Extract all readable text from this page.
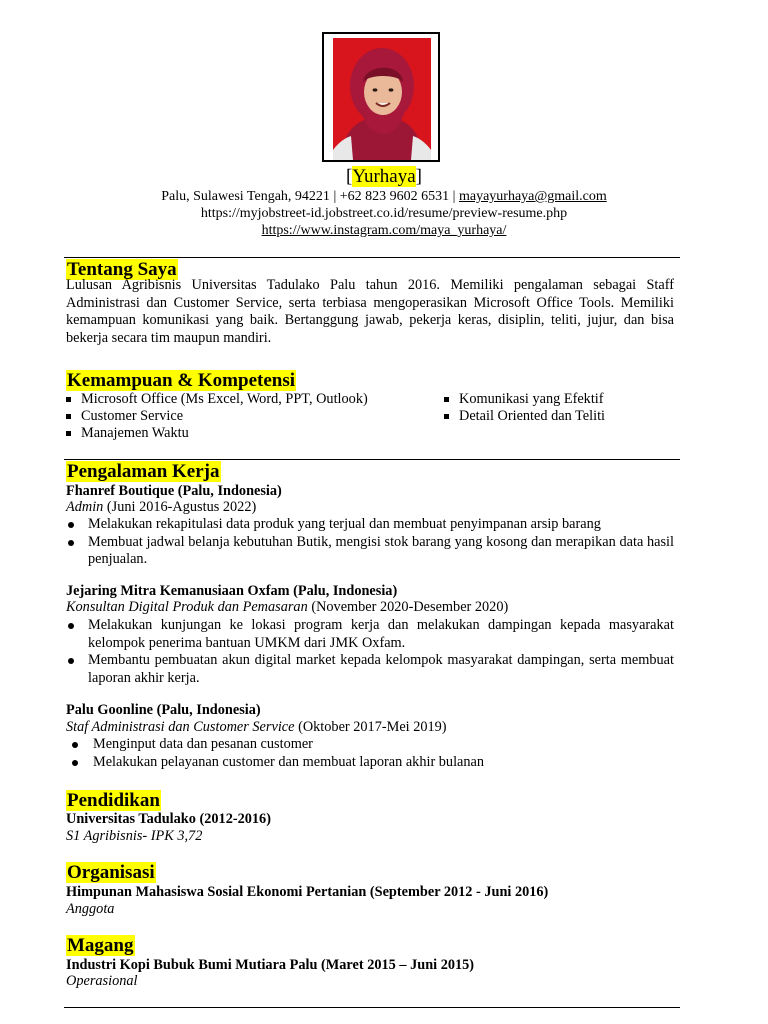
[Yurhaya]
Palu, Sulawesi Tengah, 94221 | +62 823 9602 6531 | mayayurhaya@gmail.com
https://myjobstreet-id.jobstreet.co.id/resume/preview-resume.php
https://www.instagram.com/maya_yurhaya/
Tentang Saya
Lulusan Agribisnis Universitas Tadulako Palu tahun 2016. Memiliki pengalaman sebagai Staff Administrasi dan Customer Service, serta terbiasa mengoperasikan Microsoft Office Tools. Memiliki kemampuan komunikasi yang baik. Bertanggung jawab, pekerja keras, disiplin, teliti, jujur, dan bisa bekerja secara tim maupun mandiri.
Kemampuan & Kompetensi
Microsoft Office (Ms Excel, Word, PPT, Outlook)
Customer Service
Manajemen Waktu
Komunikasi yang Efektif
Detail Oriented dan Teliti
Pengalaman Kerja
Fhanref Boutique (Palu, Indonesia)
Admin (Juni 2016-Agustus 2022)
Melakukan rekapitulasi data produk yang terjual dan membuat penyimpanan arsip barang
Membuat jadwal belanja kebutuhan Butik, mengisi stok barang yang kosong dan merapikan data hasil penjualan.
Jejaring Mitra Kemanusiaan Oxfam (Palu, Indonesia)
Konsultan Digital Produk dan Pemasaran (November 2020-Desember 2020)
Melakukan kunjungan ke lokasi program kerja dan melakukan dampingan kepada masyarakat kelompok penerima bantuan UMKM dari JMK Oxfam.
Membantu pembuatan akun digital market kepada kelompok masyarakat dampingan, serta membuat laporan akhir kerja.
Palu Goonline (Palu, Indonesia)
Staf Administrasi dan Customer Service (Oktober 2017-Mei 2019)
Menginput data dan pesanan customer
Melakukan pelayanan customer dan membuat laporan akhir bulanan
Pendidikan
Universitas Tadulako (2012-2016)
S1 Agribisnis- IPK 3,72
Organisasi
Himpunan Mahasiswa Sosial Ekonomi Pertanian (September 2012 - Juni 2016)
Anggota
Magang
Industri Kopi Bubuk Bumi Mutiara Palu (Maret 2015 – Juni 2015)
Operasional
